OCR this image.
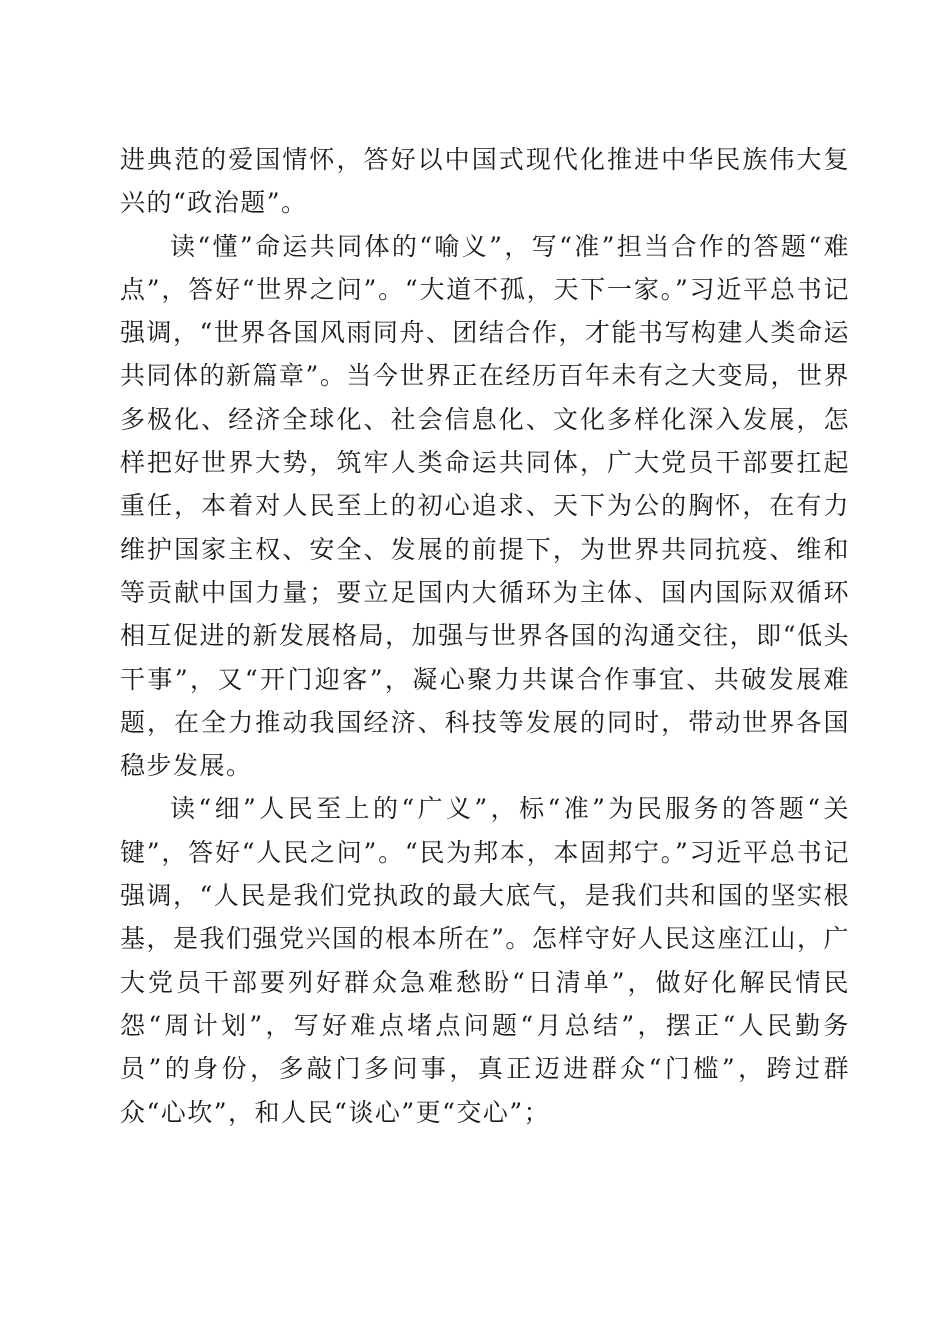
进典范的爱国情怀，答好以中国式现代化推进中华民族伟大复兴的“政治题”。

读“懂”命运共同体的“喻义”，写“准”担当合作的答题“难点”，答好“世界之问”。“大道不孤，天下一家。”习近平总书记强调，“世界各国风雨同舟、团结合作，才能书写构建人类命运共同体的新篇章”。当今世界正在经历百年未有之大变局，世界多极化、经济全球化、社会信息化、文化多样化深入发展，怎样把好世界大势，筑牢人类命运共同体，广大党员干部要扛起重任，本着对人民至上的初心追求、天下为公的胸怀，在有力维护国家主权、安全、发展的前提下，为世界共同抗疫、维和等贡献中国力量；要立足国内大循环为主体、国内国际双循环相互促进的新发展格局，加强与世界各国的沟通交往，即“低头干事”，又“开门迎客”，凝心聚力共谋合作事宜、共破发展难题，在全力推动我国经济、科技等发展的同时，带动世界各国稳步发展。

读“细”人民至上的“广义”，标“准”为民服务的答题“关键”，答好“人民之问”。“民为邦本，本固邦宁。”习近平总书记强调，“人民是我们党执政的最大底气，是我们共和国的坚实根基，是我们强党兴国的根本所在”。怎样守好人民这座江山，广大党员干部要列好群众急难愁盼“日清单”，做好化解民情民怨“周计划”，写好难点堵点问题“月总结”，摆正“人民勤务员”的身份，多敲门多问事，真正迈进群众“门槛”，跨过群众“心坎”，和人民“谈心”更“交心”；
